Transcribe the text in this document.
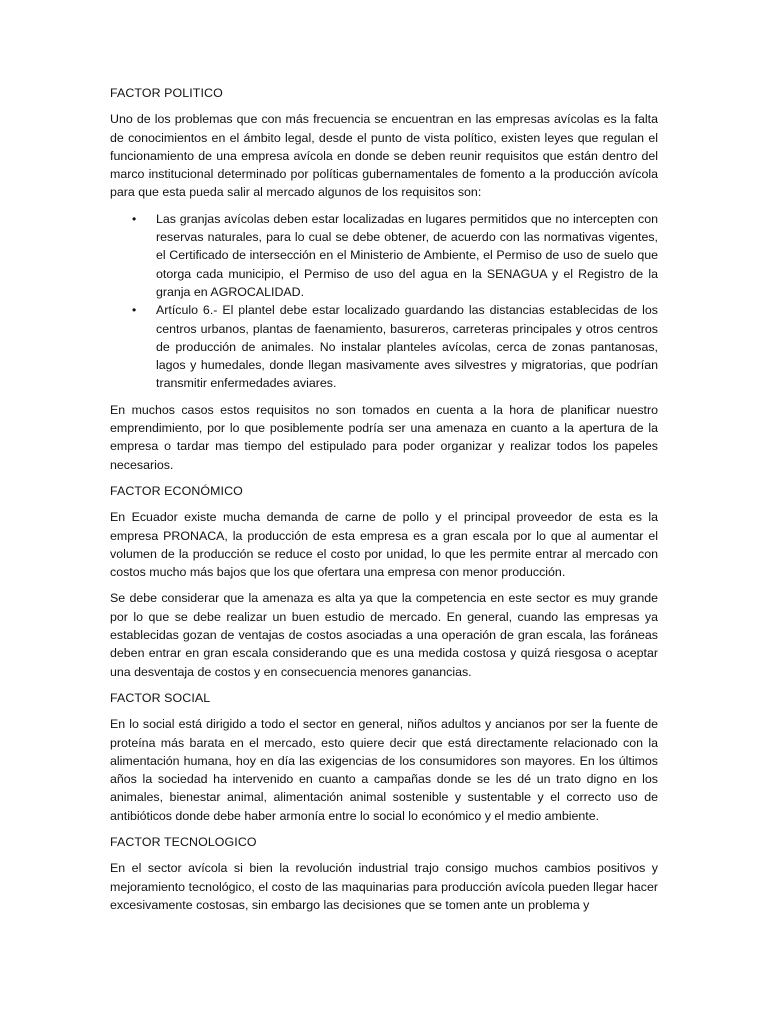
FACTOR POLITICO

Uno de los problemas que con más frecuencia se encuentran en las empresas avícolas es la falta de conocimientos en el ámbito legal, desde el punto de vista político, existen leyes que regulan el funcionamiento de una empresa avícola en donde se deben reunir requisitos que están dentro del marco institucional determinado por políticas gubernamentales de fomento a la producción avícola para que esta pueda salir al mercado algunos de los requisitos son:

• Las granjas avícolas deben estar localizadas en lugares permitidos que no intercepten con reservas naturales, para lo cual se debe obtener, de acuerdo con las normativas vigentes, el Certificado de intersección en el Ministerio de Ambiente, el Permiso de uso de suelo que otorga cada municipio, el Permiso de uso del agua en la SENAGUA y el Registro de la granja en AGROCALIDAD.
• Artículo 6.- El plantel debe estar localizado guardando las distancias establecidas de los centros urbanos, plantas de faenamiento, basureros, carreteras principales y otros centros de producción de animales. No instalar planteles avícolas, cerca de zonas pantanosas, lagos y humedales, donde llegan masivamente aves silvestres y migratorias, que podrían transmitir enfermedades aviares.

En muchos casos estos requisitos no son tomados en cuenta a la hora de planificar nuestro emprendimiento, por lo que posiblemente podría ser una amenaza en cuanto a la apertura de la empresa o tardar mas tiempo del estipulado para poder organizar y realizar todos los papeles necesarios.

FACTOR ECONÓMICO

En Ecuador existe mucha demanda de carne de pollo y el principal proveedor de esta es la empresa PRONACA, la producción de esta empresa es a gran escala por lo que al aumentar el volumen de la producción se reduce el costo por unidad, lo que les permite entrar al mercado con costos mucho más bajos que los que ofertara una empresa con menor producción.

Se debe considerar que la amenaza es alta ya que la competencia en este sector es muy grande por lo que se debe realizar un buen estudio de mercado. En general, cuando las empresas ya establecidas gozan de ventajas de costos asociadas a una operación de gran escala, las foráneas deben entrar en gran escala considerando que es una medida costosa y quizá riesgosa o aceptar una desventaja de costos y en consecuencia menores ganancias.

FACTOR SOCIAL

En lo social está dirigido a todo el sector en general, niños adultos y ancianos por ser la fuente de proteína más barata en el mercado, esto quiere decir que está directamente relacionado con la alimentación humana, hoy en día las exigencias de los consumidores son mayores. En los últimos años la sociedad ha intervenido en cuanto a campañas donde se les dé un trato digno en los animales, bienestar animal, alimentación animal sostenible y sustentable y el correcto uso de antibióticos donde debe haber armonía entre lo social lo económico y el medio ambiente.

FACTOR TECNOLOGICO

En el sector avícola si bien la revolución industrial trajo consigo muchos cambios positivos y mejoramiento tecnológico, el costo de las maquinarias para producción avícola pueden llegar hacer excesivamente costosas, sin embargo las decisiones que se tomen ante un problema y
